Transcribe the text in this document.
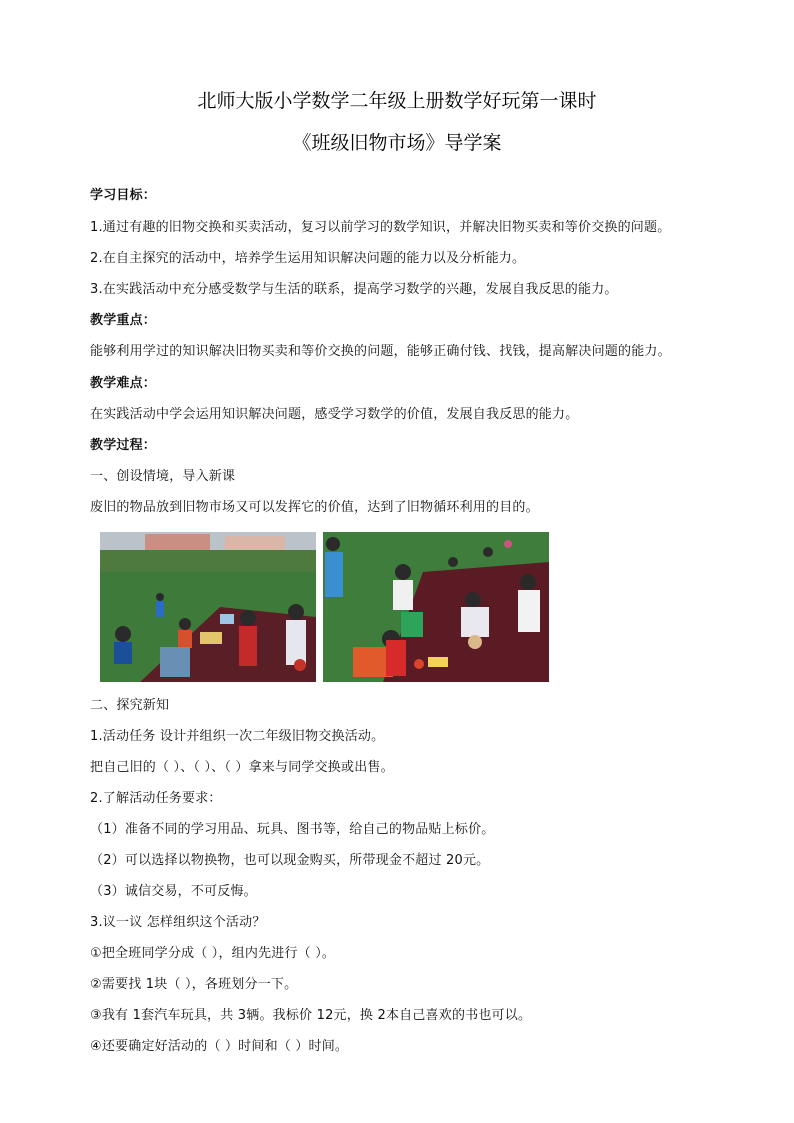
北师大版小学数学二年级上册数学好玩第一课时
《班级旧物市场》导学案
学习目标：
1.通过有趣的旧物交换和买卖活动，复习以前学习的数学知识，并解决旧物买卖和等价交换的问题。
2.在自主探究的活动中，培养学生运用知识解决问题的能力以及分析能力。
3.在实践活动中充分感受数学与生活的联系，提高学习数学的兴趣，发展自我反思的能力。
教学重点：
能够利用学过的知识解决旧物买卖和等价交换的问题，能够正确付钱、找钱，提高解决问题的能力。
教学难点：
在实践活动中学会运用知识解决问题，感受学习数学的价值，发展自我反思的能力。
教学过程：
一、创设情境，导入新课
废旧的物品放到旧物市场又可以发挥它的价值，达到了旧物循环利用的目的。
二、探究新知
1.活动任务 设计并组织一次二年级旧物交换活动。
把自己旧的（ ）、（ ）、（ ）拿来与同学交换或出售。
2.了解活动任务要求：
（1）准备不同的学习用品、玩具、图书等，给自己的物品贴上标价。
（2）可以选择以物换物，也可以现金购买，所带现金不超过 20元。
（3）诚信交易，不可反悔。
3.议一议 怎样组织这个活动？
①把全班同学分成（ ），组内先进行（ ）。
②需要找 1块（ ），各班划分一下。
③我有 1套汽车玩具，共 3辆。我标价 12元，换 2本自己喜欢的书也可以。
④还要确定好活动的（ ）时间和（ ）时间。
